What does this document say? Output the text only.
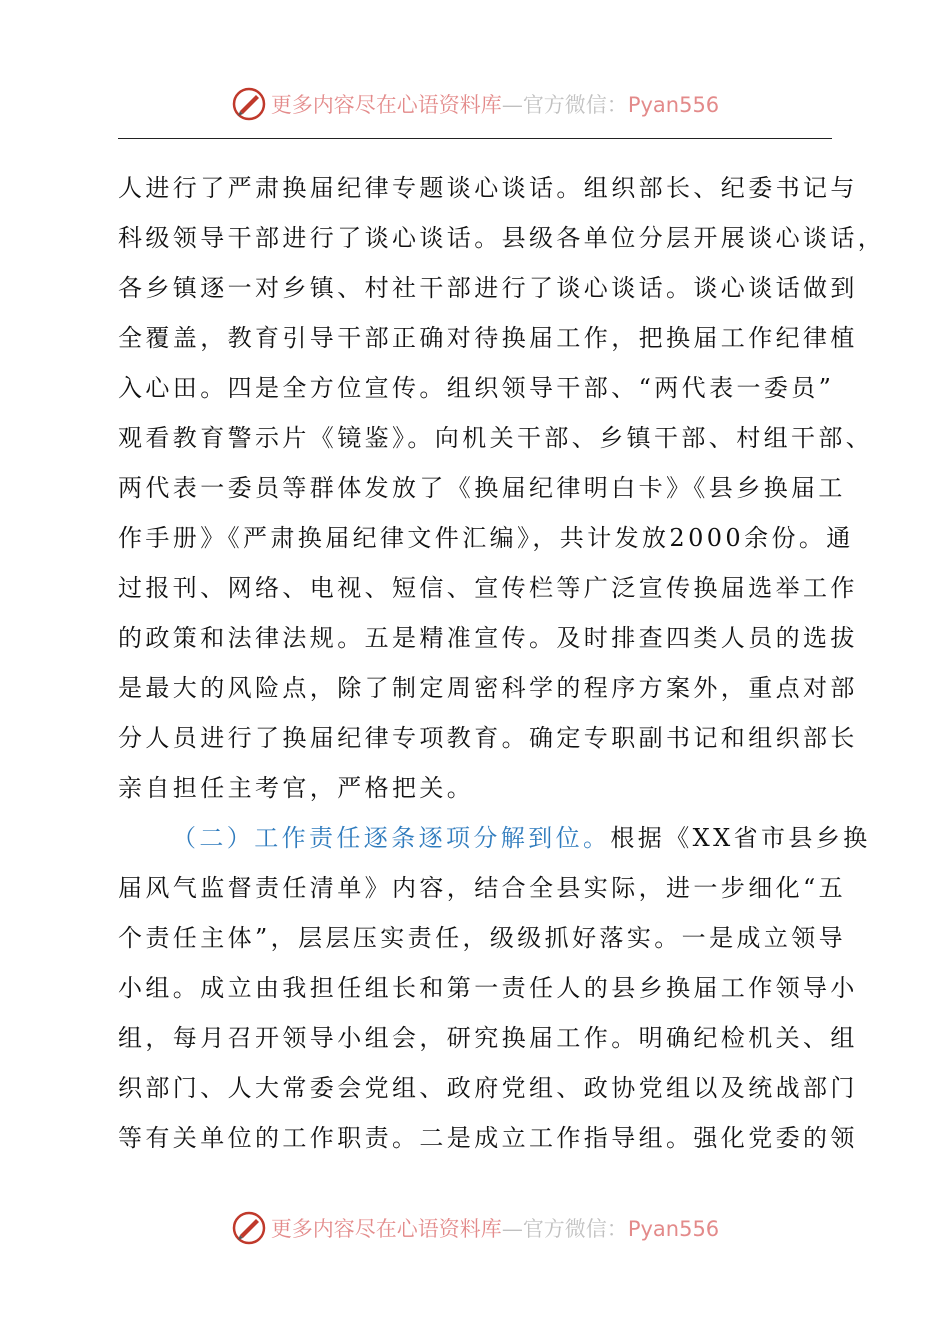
更多内容尽在心语资料库—官方微信：Pyan556
人进行了严肃换届纪律专题谈心谈话。组织部长、纪委书记与
科级领导干部进行了谈心谈话。县级各单位分层开展谈心谈话，
各乡镇逐一对乡镇、村社干部进行了谈心谈话。谈心谈话做到
全覆盖，教育引导干部正确对待换届工作，把换届工作纪律植
入心田。四是全方位宣传。组织领导干部、“两代表一委员”
观看教育警示片《镜鉴》。向机关干部、乡镇干部、村组干部、
两代表一委员等群体发放了《换届纪律明白卡》《县乡换届工
作手册》《严肃换届纪律文件汇编》，共计发放2000余份。通
过报刊、网络、电视、短信、宣传栏等广泛宣传换届选举工作
的政策和法律法规。五是精准宣传。及时排查四类人员的选拔
是最大的风险点，除了制定周密科学的程序方案外，重点对部
分人员进行了换届纪律专项教育。确定专职副书记和组织部长
亲自担任主考官，严格把关。
（二）工作责任逐条逐项分解到位。根据《XX省市县乡换
届风气监督责任清单》内容，结合全县实际，进一步细化“五
个责任主体”，层层压实责任，级级抓好落实。一是成立领导
小组。成立由我担任组长和第一责任人的县乡换届工作领导小
组，每月召开领导小组会，研究换届工作。明确纪检机关、组
织部门、人大常委会党组、政府党组、政协党组以及统战部门
等有关单位的工作职责。二是成立工作指导组。强化党委的领
更多内容尽在心语资料库—官方微信：Pyan556
